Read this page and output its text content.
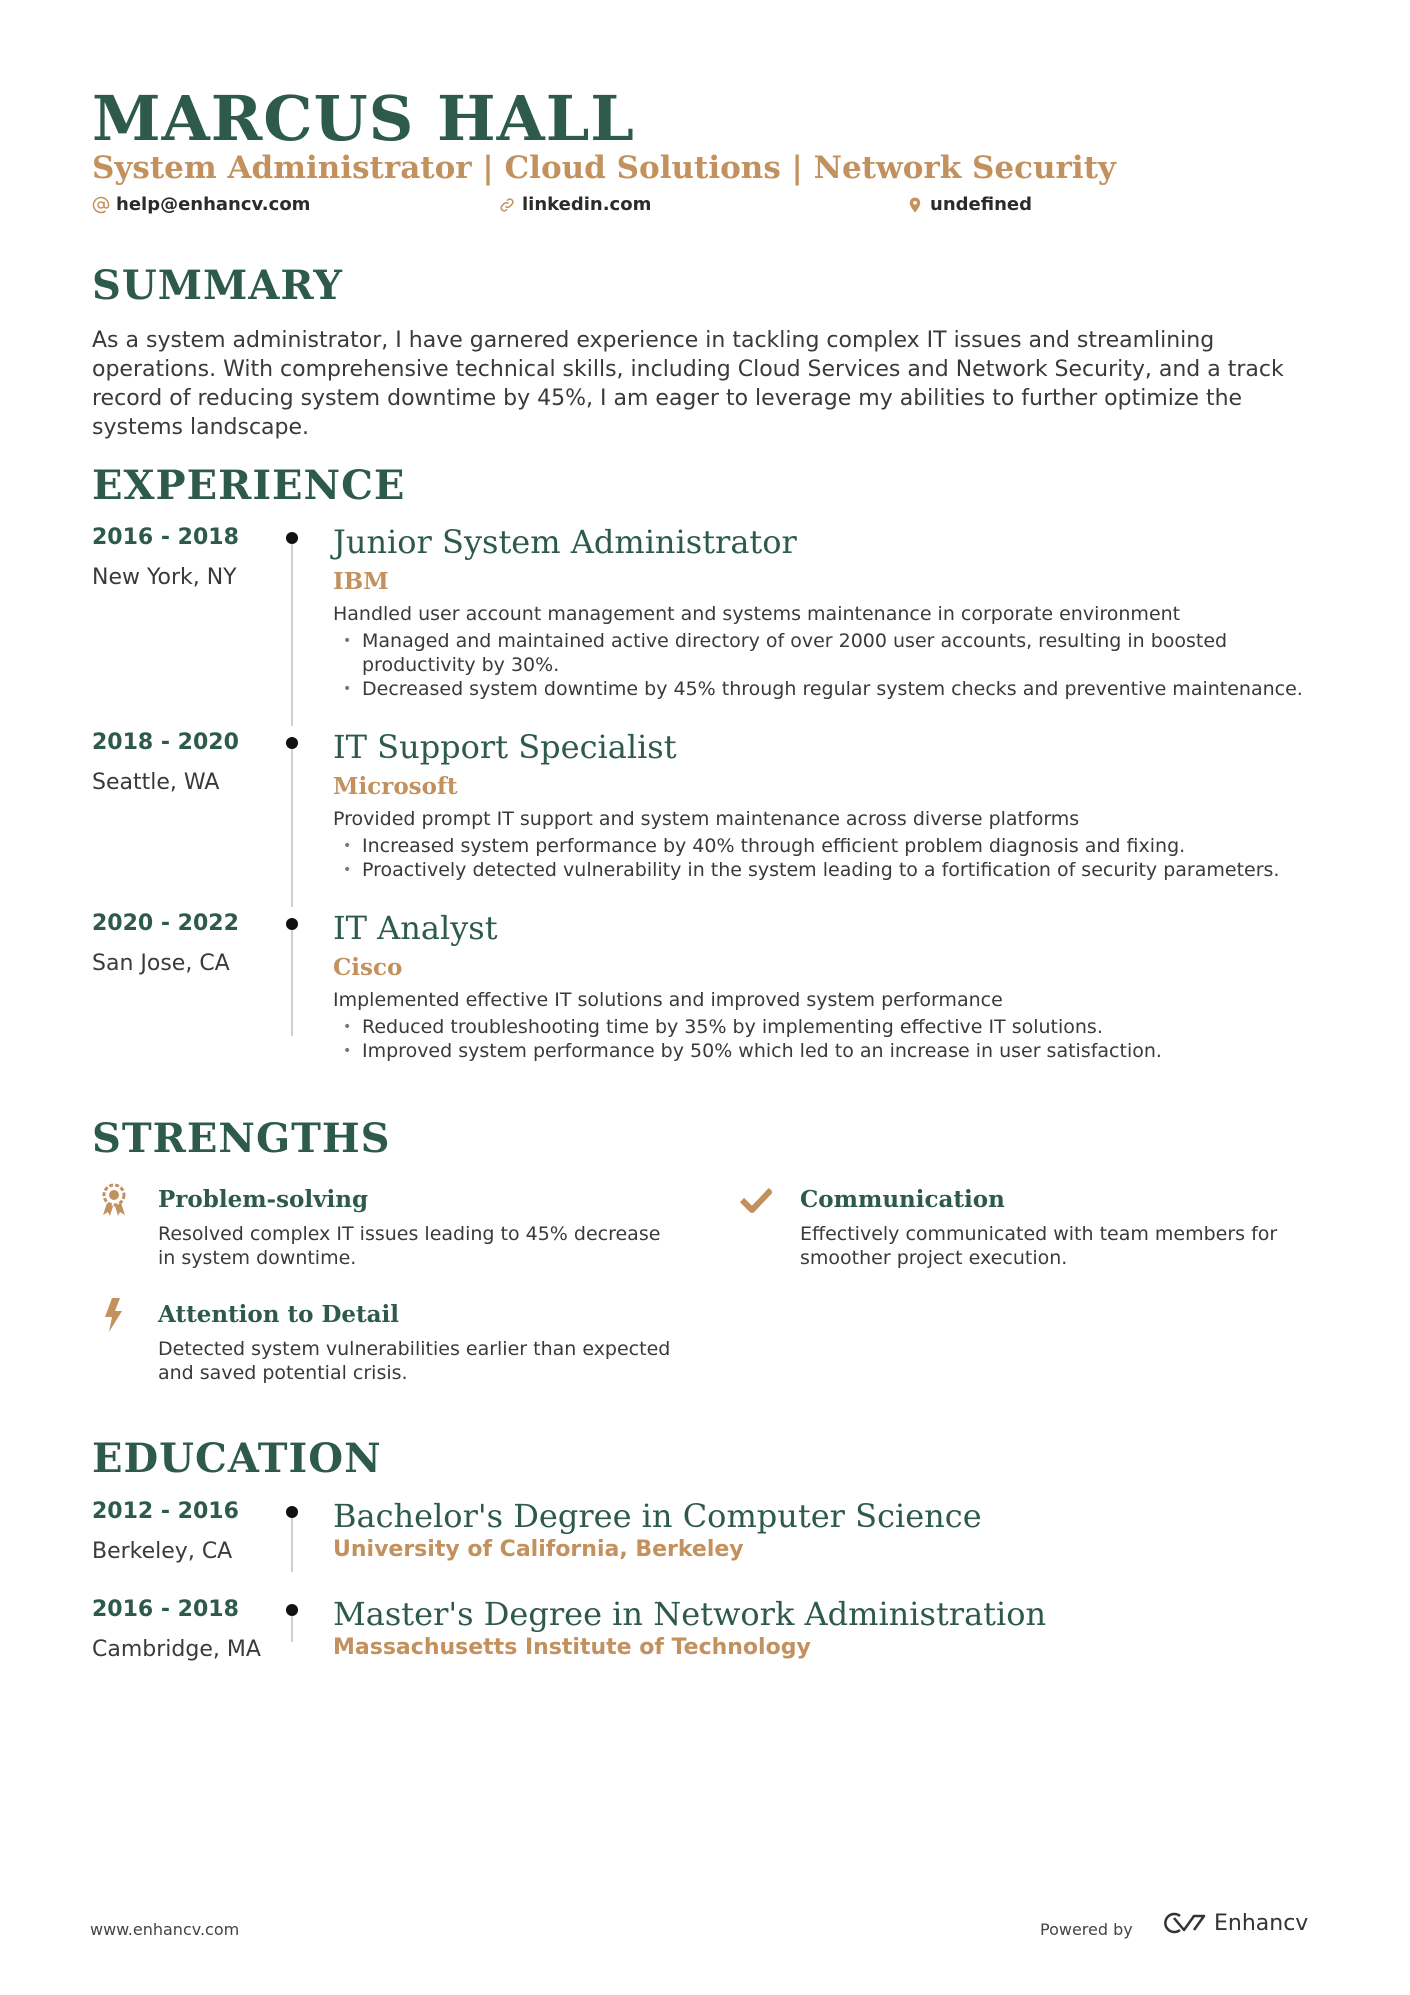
MARCUS HALL
System Administrator | Cloud Solutions | Network Security
help@enhancv.com	linkedin.com	undefined
SUMMARY
As a system administrator, I have garnered experience in tackling complex IT issues and streamlining operations. With comprehensive technical skills, including Cloud Services and Network Security, and a track record of reducing system downtime by 45%, I am eager to leverage my abilities to further optimize the systems landscape.
EXPERIENCE
2016 - 2018
New York, NY
Junior System Administrator
IBM
Handled user account management and systems maintenance in corporate environment
• Managed and maintained active directory of over 2000 user accounts, resulting in boosted productivity by 30%.
• Decreased system downtime by 45% through regular system checks and preventive maintenance.
2018 - 2020
Seattle, WA
IT Support Specialist
Microsoft
Provided prompt IT support and system maintenance across diverse platforms
• Increased system performance by 40% through efficient problem diagnosis and fixing.
• Proactively detected vulnerability in the system leading to a fortification of security parameters.
2020 - 2022
San Jose, CA
IT Analyst
Cisco
Implemented effective IT solutions and improved system performance
• Reduced troubleshooting time by 35% by implementing effective IT solutions.
• Improved system performance by 50% which led to an increase in user satisfaction.
STRENGTHS
Problem-solving
Resolved complex IT issues leading to 45% decrease in system downtime.
Communication
Effectively communicated with team members for smoother project execution.
Attention to Detail
Detected system vulnerabilities earlier than expected and saved potential crisis.
EDUCATION
2012 - 2016
Berkeley, CA
Bachelor's Degree in Computer Science
University of California, Berkeley
2016 - 2018
Cambridge, MA
Master's Degree in Network Administration
Massachusetts Institute of Technology
www.enhancv.com	Powered by	Enhancv
